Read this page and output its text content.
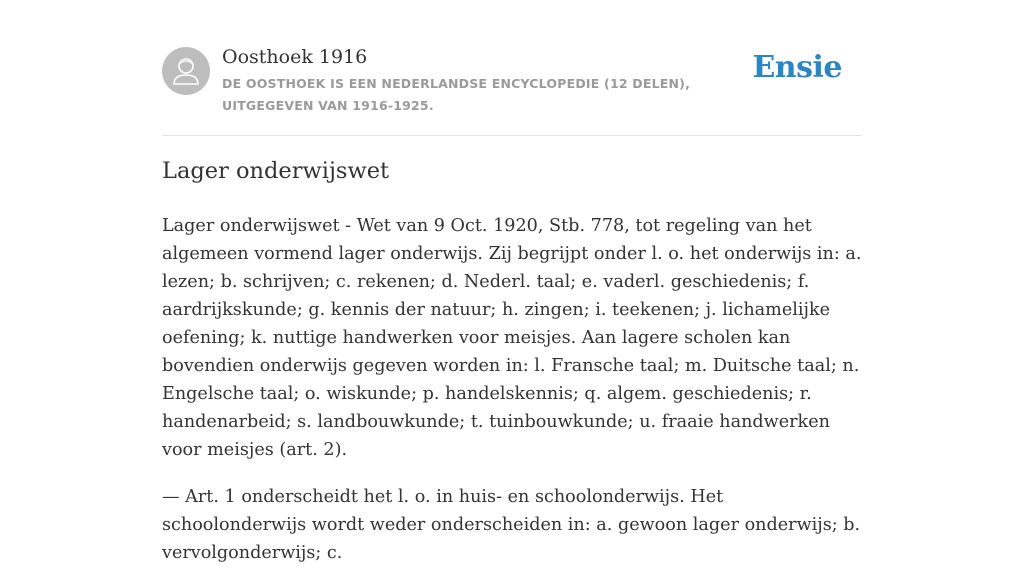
Oosthoek 1916
DE OOSTHOEK IS EEN NEDERLANDSE ENCYCLOPEDIE (12 DELEN), UITGEGEVEN VAN 1916-1925.
Ensie
Lager onderwijswet

Lager onderwijswet - Wet van 9 Oct. 1920, Stb. 778, tot regeling van het algemeen vormend lager onderwijs. Zij begrijpt onder l. o. het onderwijs in: a. lezen; b. schrijven; c. rekenen; d. Nederl. taal; e. vaderl. geschiedenis; f. aardrijkskunde; g. kennis der natuur; h. zingen; i. teekenen; j. lichamelijke oefening; k. nuttige handwerken voor meisjes. Aan lagere scholen kan bovendien onderwijs gegeven worden in: l. Fransche taal; m. Duitsche taal; n. Engelsche taal; o. wiskunde; p. handelskennis; q. algem. geschiedenis; r. handenarbeid; s. landbouwkunde; t. tuinbouwkunde; u. fraaie handwerken voor meisjes (art. 2).

— Art. 1 onderscheidt het l. o. in huis- en schoolonderwijs. Het schoolonderwijs wordt weder onderscheiden in: a. gewoon lager onderwijs; b. vervolgonderwijs; c.
